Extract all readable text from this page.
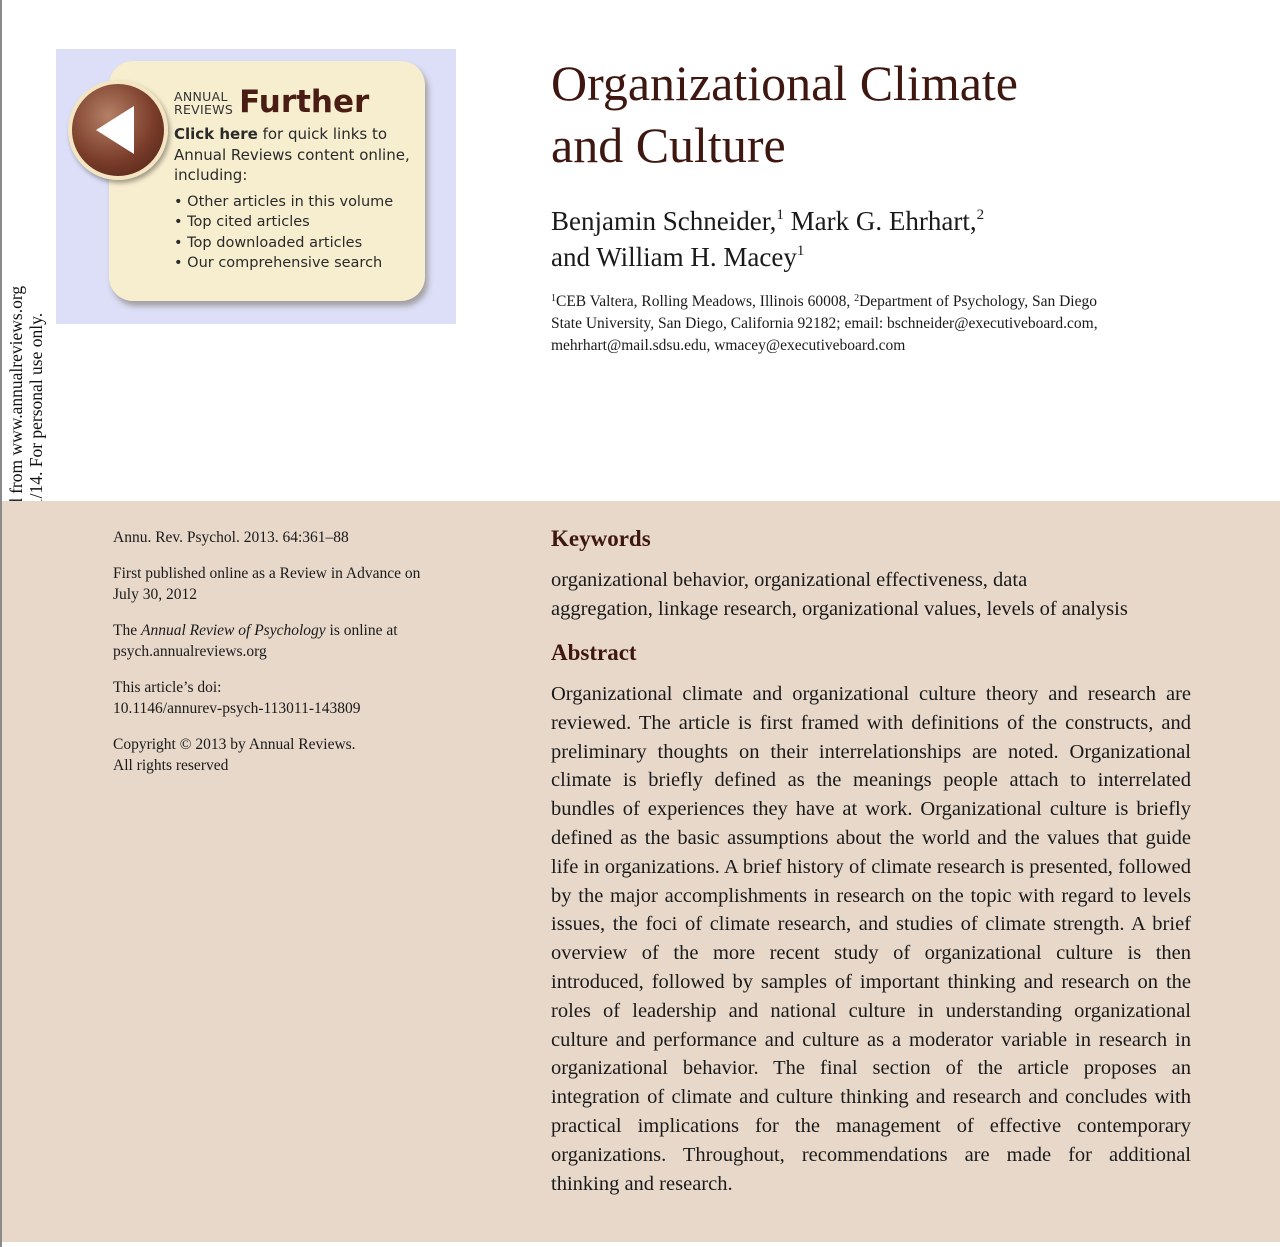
ANNUAL
REVIEWS Further
Click here for quick links to
Annual Reviews content online,
including:
• Other articles in this volume
• Top cited articles
• Top downloaded articles
• Our comprehensive search
Organizational Climate
and Culture
Benjamin Schneider,$^1$ Mark G. Ehrhart,$^2$
and William H. Macey$^1$
$^1$CEB Valtera, Rolling Meadows, Illinois 60008, $^2$Department of Psychology, San Diego
State University, San Diego, California 92182; email: bschneider@executiveboard.com,
mehrhart@mail.sdsu.edu, wmacey@executiveboard.com
Annu. Rev. Psychol. 2013. 64:361–88
First published online as a Review in Advance on
July 30, 2012
The Annual Review of Psychology is online at
psych.annualreviews.org
This article’s doi:
10.1146/annurev-psych-113011-143809
Copyright © 2013 by Annual Reviews.
All rights reserved
Keywords
organizational behavior, organizational effectiveness, data
aggregation, linkage research, organizational values, levels of analysis
Abstract
Organizational climate and organizational culture theory and research are reviewed. The article is first framed with definitions of the constructs, and preliminary thoughts on their interrelationships are noted. Organizational climate is briefly defined as the meanings people attach to interrelated bundles of experiences they have at work. Organizational culture is briefly defined as the basic assumptions about the world and the values that guide life in organizations. A brief history of climate research is presented, followed by the major accomplishments in research on the topic with regard to levels issues, the foci of climate research, and studies of climate strength. A brief overview of the more recent study of organizational culture is then introduced, followed by samples of important thinking and research on the roles of leadership and national culture in understanding organizational culture and performance and culture as a moderator variable in research in organizational behavior. The final section of the article proposes an integration of climate and culture thinking and research and concludes with practical implications for the management of effective contemporary organizations. Throughout, recommendations are made for additional thinking and research.
